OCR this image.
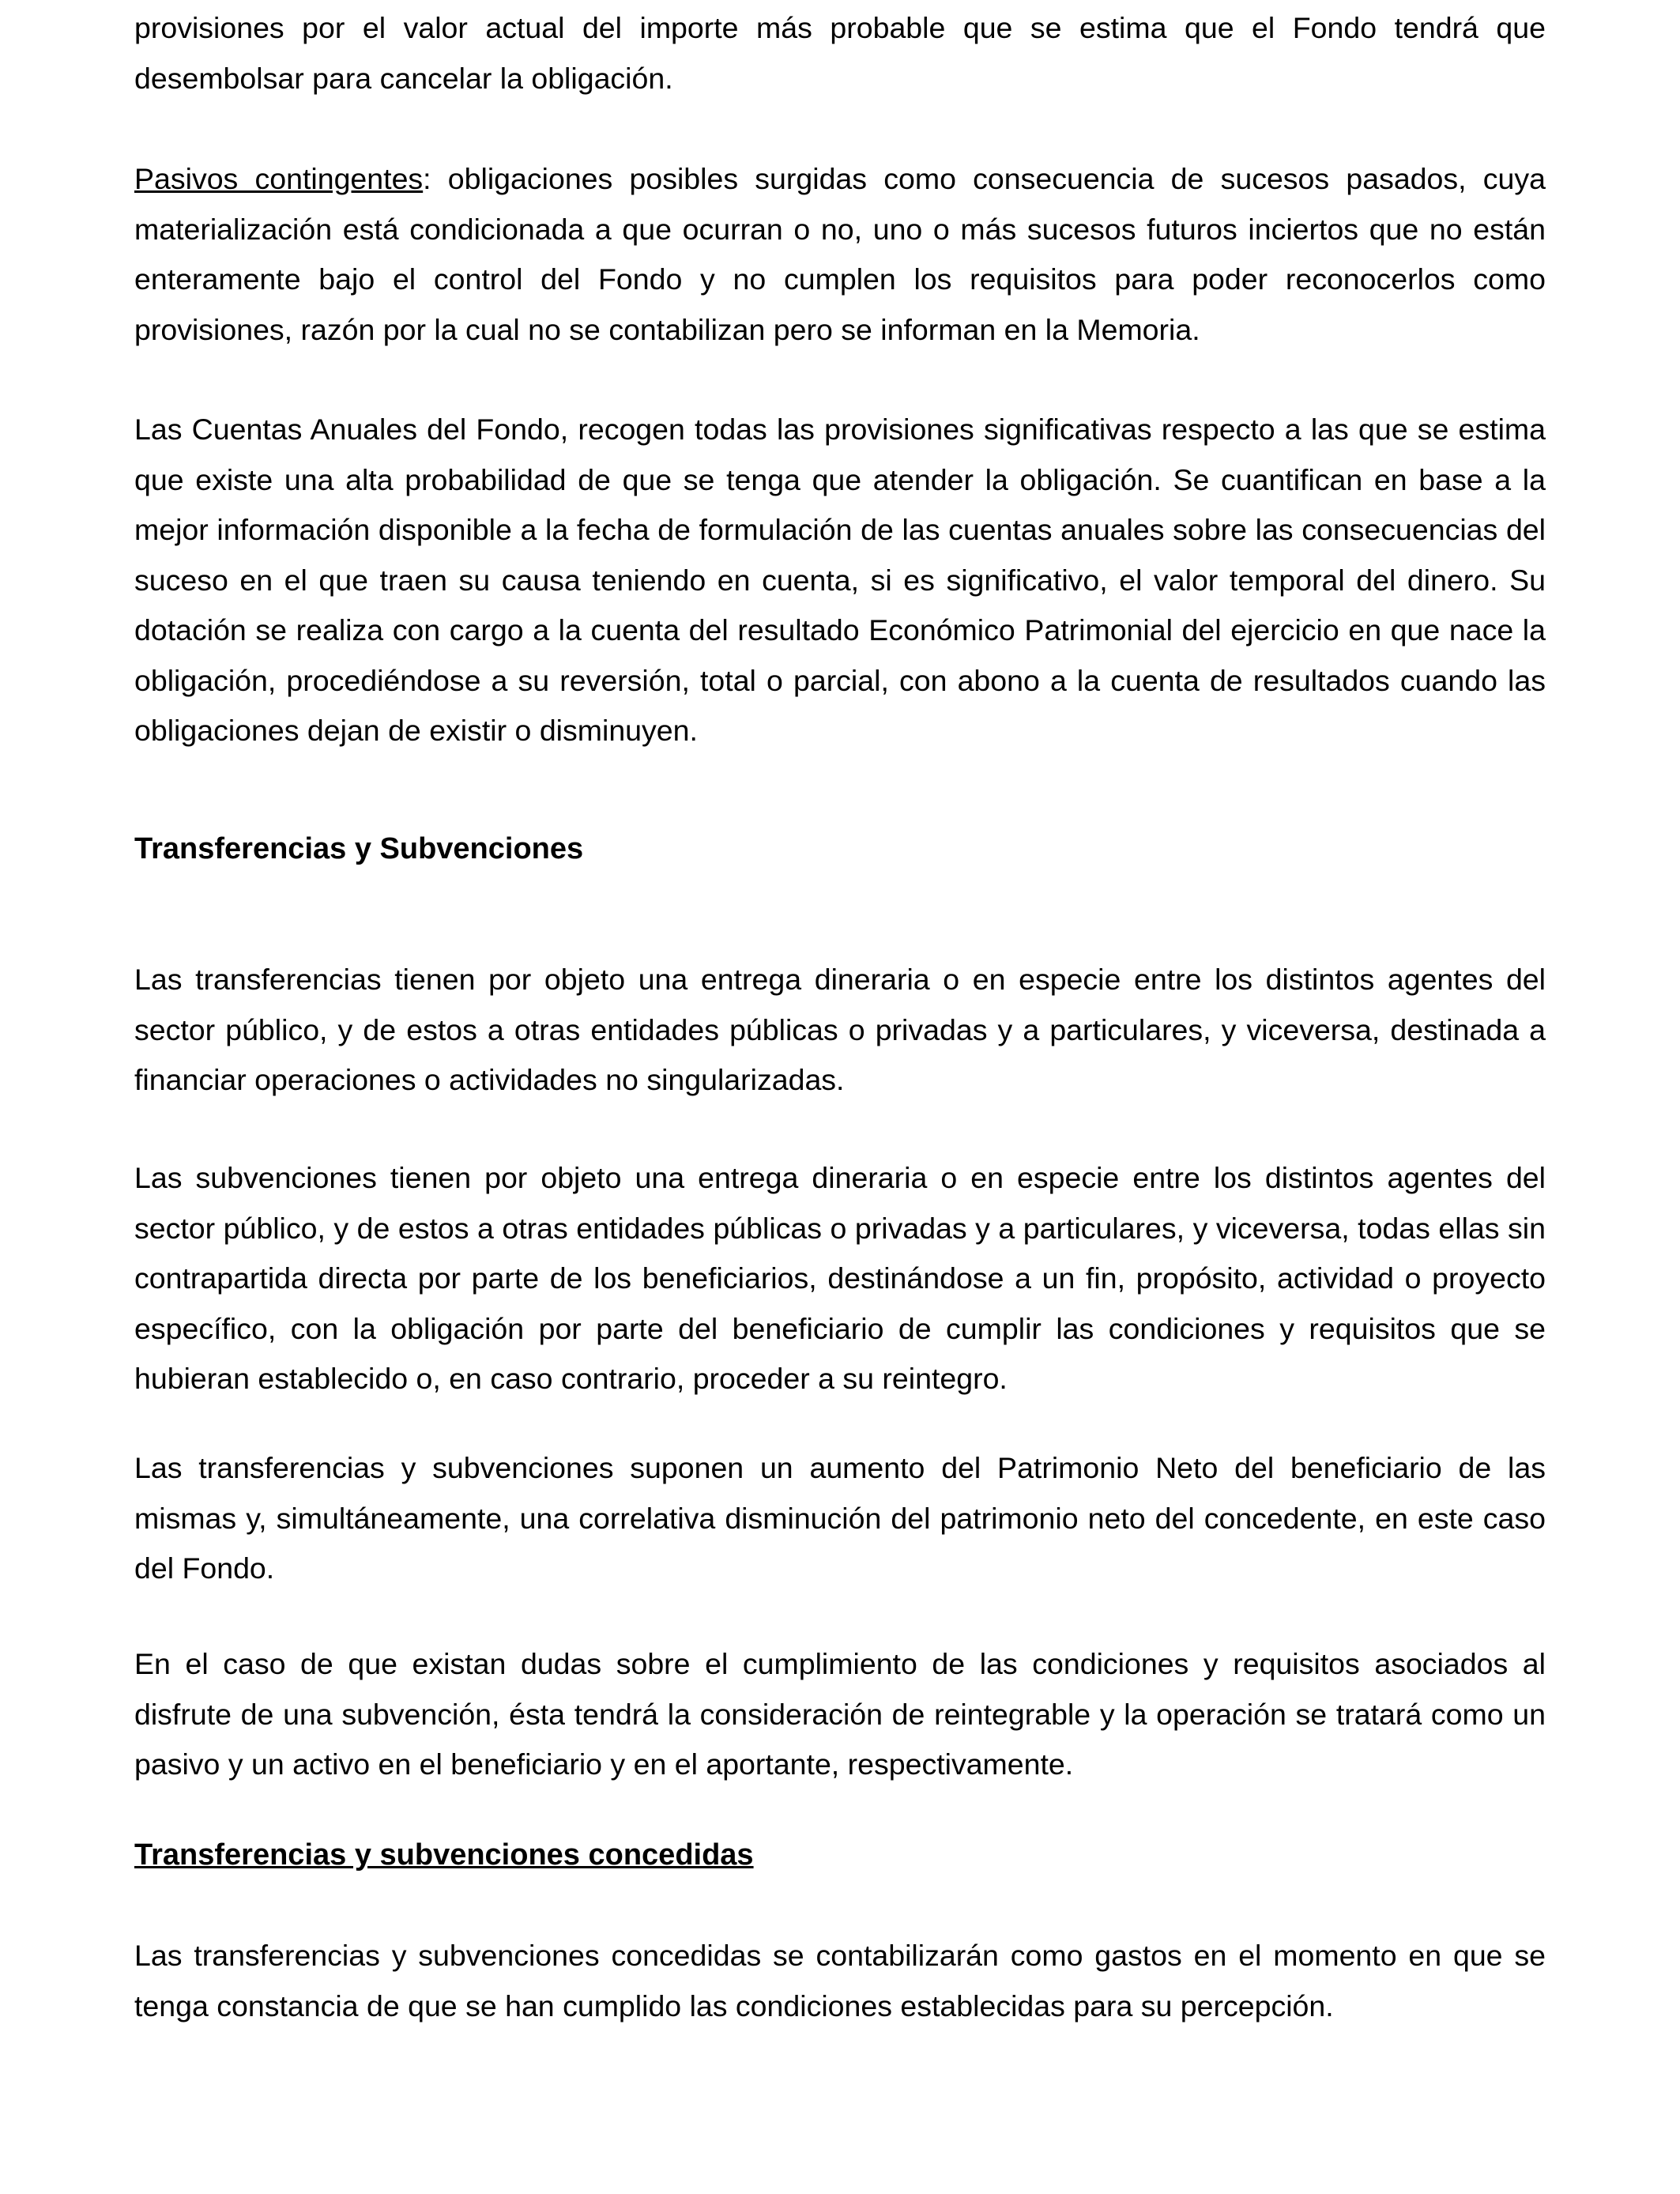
provisiones por el valor actual del importe más probable que se estima que el Fondo tendrá que desembolsar para cancelar la obligación.

Pasivos contingentes: obligaciones posibles surgidas como consecuencia de sucesos pasados, cuya materialización está condicionada a que ocurran o no, uno o más sucesos futuros inciertos que no están enteramente bajo el control del Fondo y no cumplen los requisitos para poder reconocerlos como provisiones, razón por la cual no se contabilizan pero se informan en la Memoria.

Las Cuentas Anuales del Fondo, recogen todas las provisiones significativas respecto a las que se estima que existe una alta probabilidad de que se tenga que atender la obligación. Se cuantifican en base a la mejor información disponible a la fecha de formulación de las cuentas anuales sobre las consecuencias del suceso en el que traen su causa teniendo en cuenta, si es significativo, el valor temporal del dinero. Su dotación se realiza con cargo a la cuenta del resultado Económico Patrimonial del ejercicio en que nace la obligación, procediéndose a su reversión, total o parcial, con abono a la cuenta de resultados cuando las obligaciones dejan de existir o disminuyen.

Transferencias y Subvenciones

Las transferencias tienen por objeto una entrega dineraria o en especie entre los distintos agentes del sector público, y de estos a otras entidades públicas o privadas y a particulares, y viceversa, destinada a financiar operaciones o actividades no singularizadas.

Las subvenciones tienen por objeto una entrega dineraria o en especie entre los distintos agentes del sector público, y de estos a otras entidades públicas o privadas y a particulares, y viceversa, todas ellas sin contrapartida directa por parte de los beneficiarios, destinándose a un fin, propósito, actividad o proyecto específico, con la obligación por parte del beneficiario de cumplir las condiciones y requisitos que se hubieran establecido o, en caso contrario, proceder a su reintegro.

Las transferencias y subvenciones suponen un aumento del Patrimonio Neto del beneficiario de las mismas y, simultáneamente, una correlativa disminución del patrimonio neto del concedente, en este caso del Fondo.

En el caso de que existan dudas sobre el cumplimiento de las condiciones y requisitos asociados al disfrute de una subvención, ésta tendrá la consideración de reintegrable y la operación se tratará como un pasivo y un activo en el beneficiario y en el aportante, respectivamente.

Transferencias y subvenciones concedidas

Las transferencias y subvenciones concedidas se contabilizarán como gastos en el momento en que se tenga constancia de que se han cumplido las condiciones establecidas para su percepción.
